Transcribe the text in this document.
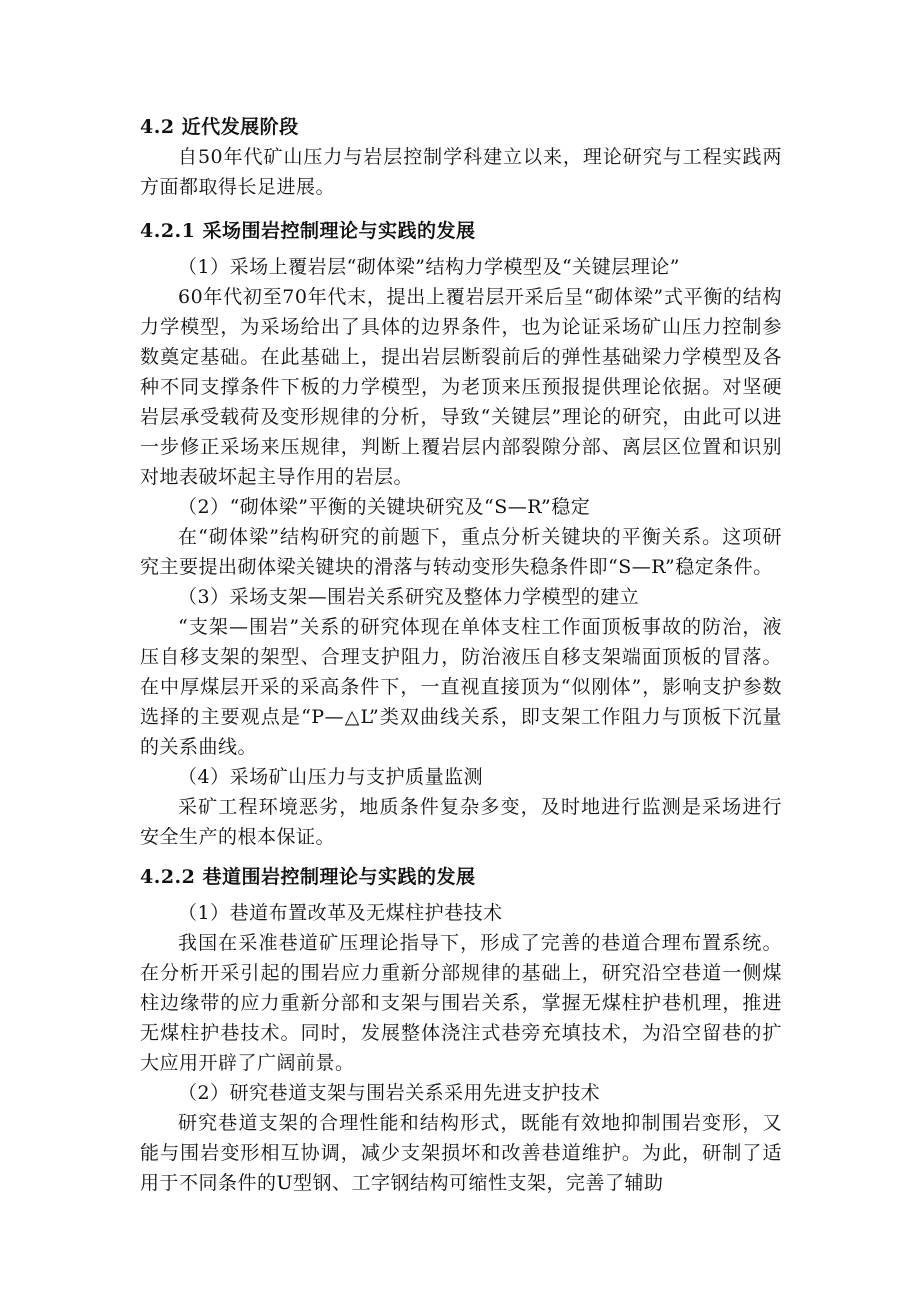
4.2 近代发展阶段
自50年代矿山压力与岩层控制学科建立以来，理论研究与工程实践两方面都取得长足进展。
4.2.1 采场围岩控制理论与实践的发展
（1）采场上覆岩层“砌体梁”结构力学模型及“关键层理论”
60年代初至70年代末，提出上覆岩层开采后呈“砌体梁”式平衡的结构力学模型，为采场给出了具体的边界条件，也为论证采场矿山压力控制参数奠定基础。在此基础上，提出岩层断裂前后的弹性基础梁力学模型及各种不同支撑条件下板的力学模型，为老顶来压预报提供理论依据。对坚硬岩层承受载荷及变形规律的分析，导致“关键层”理论的研究，由此可以进一步修正采场来压规律，判断上覆岩层内部裂隙分部、离层区位置和识别对地表破坏起主导作用的岩层。
（2）“砌体梁”平衡的关键块研究及“S—R”稳定
在“砌体梁”结构研究的前题下，重点分析关键块的平衡关系。这项研究主要提出砌体梁关键块的滑落与转动变形失稳条件即“S—R”稳定条件。
（3）采场支架—围岩关系研究及整体力学模型的建立
“支架—围岩”关系的研究体现在单体支柱工作面顶板事故的防治，液压自移支架的架型、合理支护阻力，防治液压自移支架端面顶板的冒落。在中厚煤层开采的采高条件下，一直视直接顶为“似刚体”，影响支护参数选择的主要观点是“P—△L”类双曲线关系，即支架工作阻力与顶板下沉量的关系曲线。
（4）采场矿山压力与支护质量监测
采矿工程环境恶劣，地质条件复杂多变，及时地进行监测是采场进行安全生产的根本保证。
4.2.2 巷道围岩控制理论与实践的发展
（1）巷道布置改革及无煤柱护巷技术
我国在采准巷道矿压理论指导下，形成了完善的巷道合理布置系统。在分析开采引起的围岩应力重新分部规律的基础上，研究沿空巷道一侧煤柱边缘带的应力重新分部和支架与围岩关系，掌握无煤柱护巷机理，推进无煤柱护巷技术。同时，发展整体浇注式巷旁充填技术，为沿空留巷的扩大应用开辟了广阔前景。
（2）研究巷道支架与围岩关系采用先进支护技术
研究巷道支架的合理性能和结构形式，既能有效地抑制围岩变形，又能与围岩变形相互协调，减少支架损坏和改善巷道维护。为此，研制了适用于不同条件的U型钢、工字钢结构可缩性支架，完善了辅助
